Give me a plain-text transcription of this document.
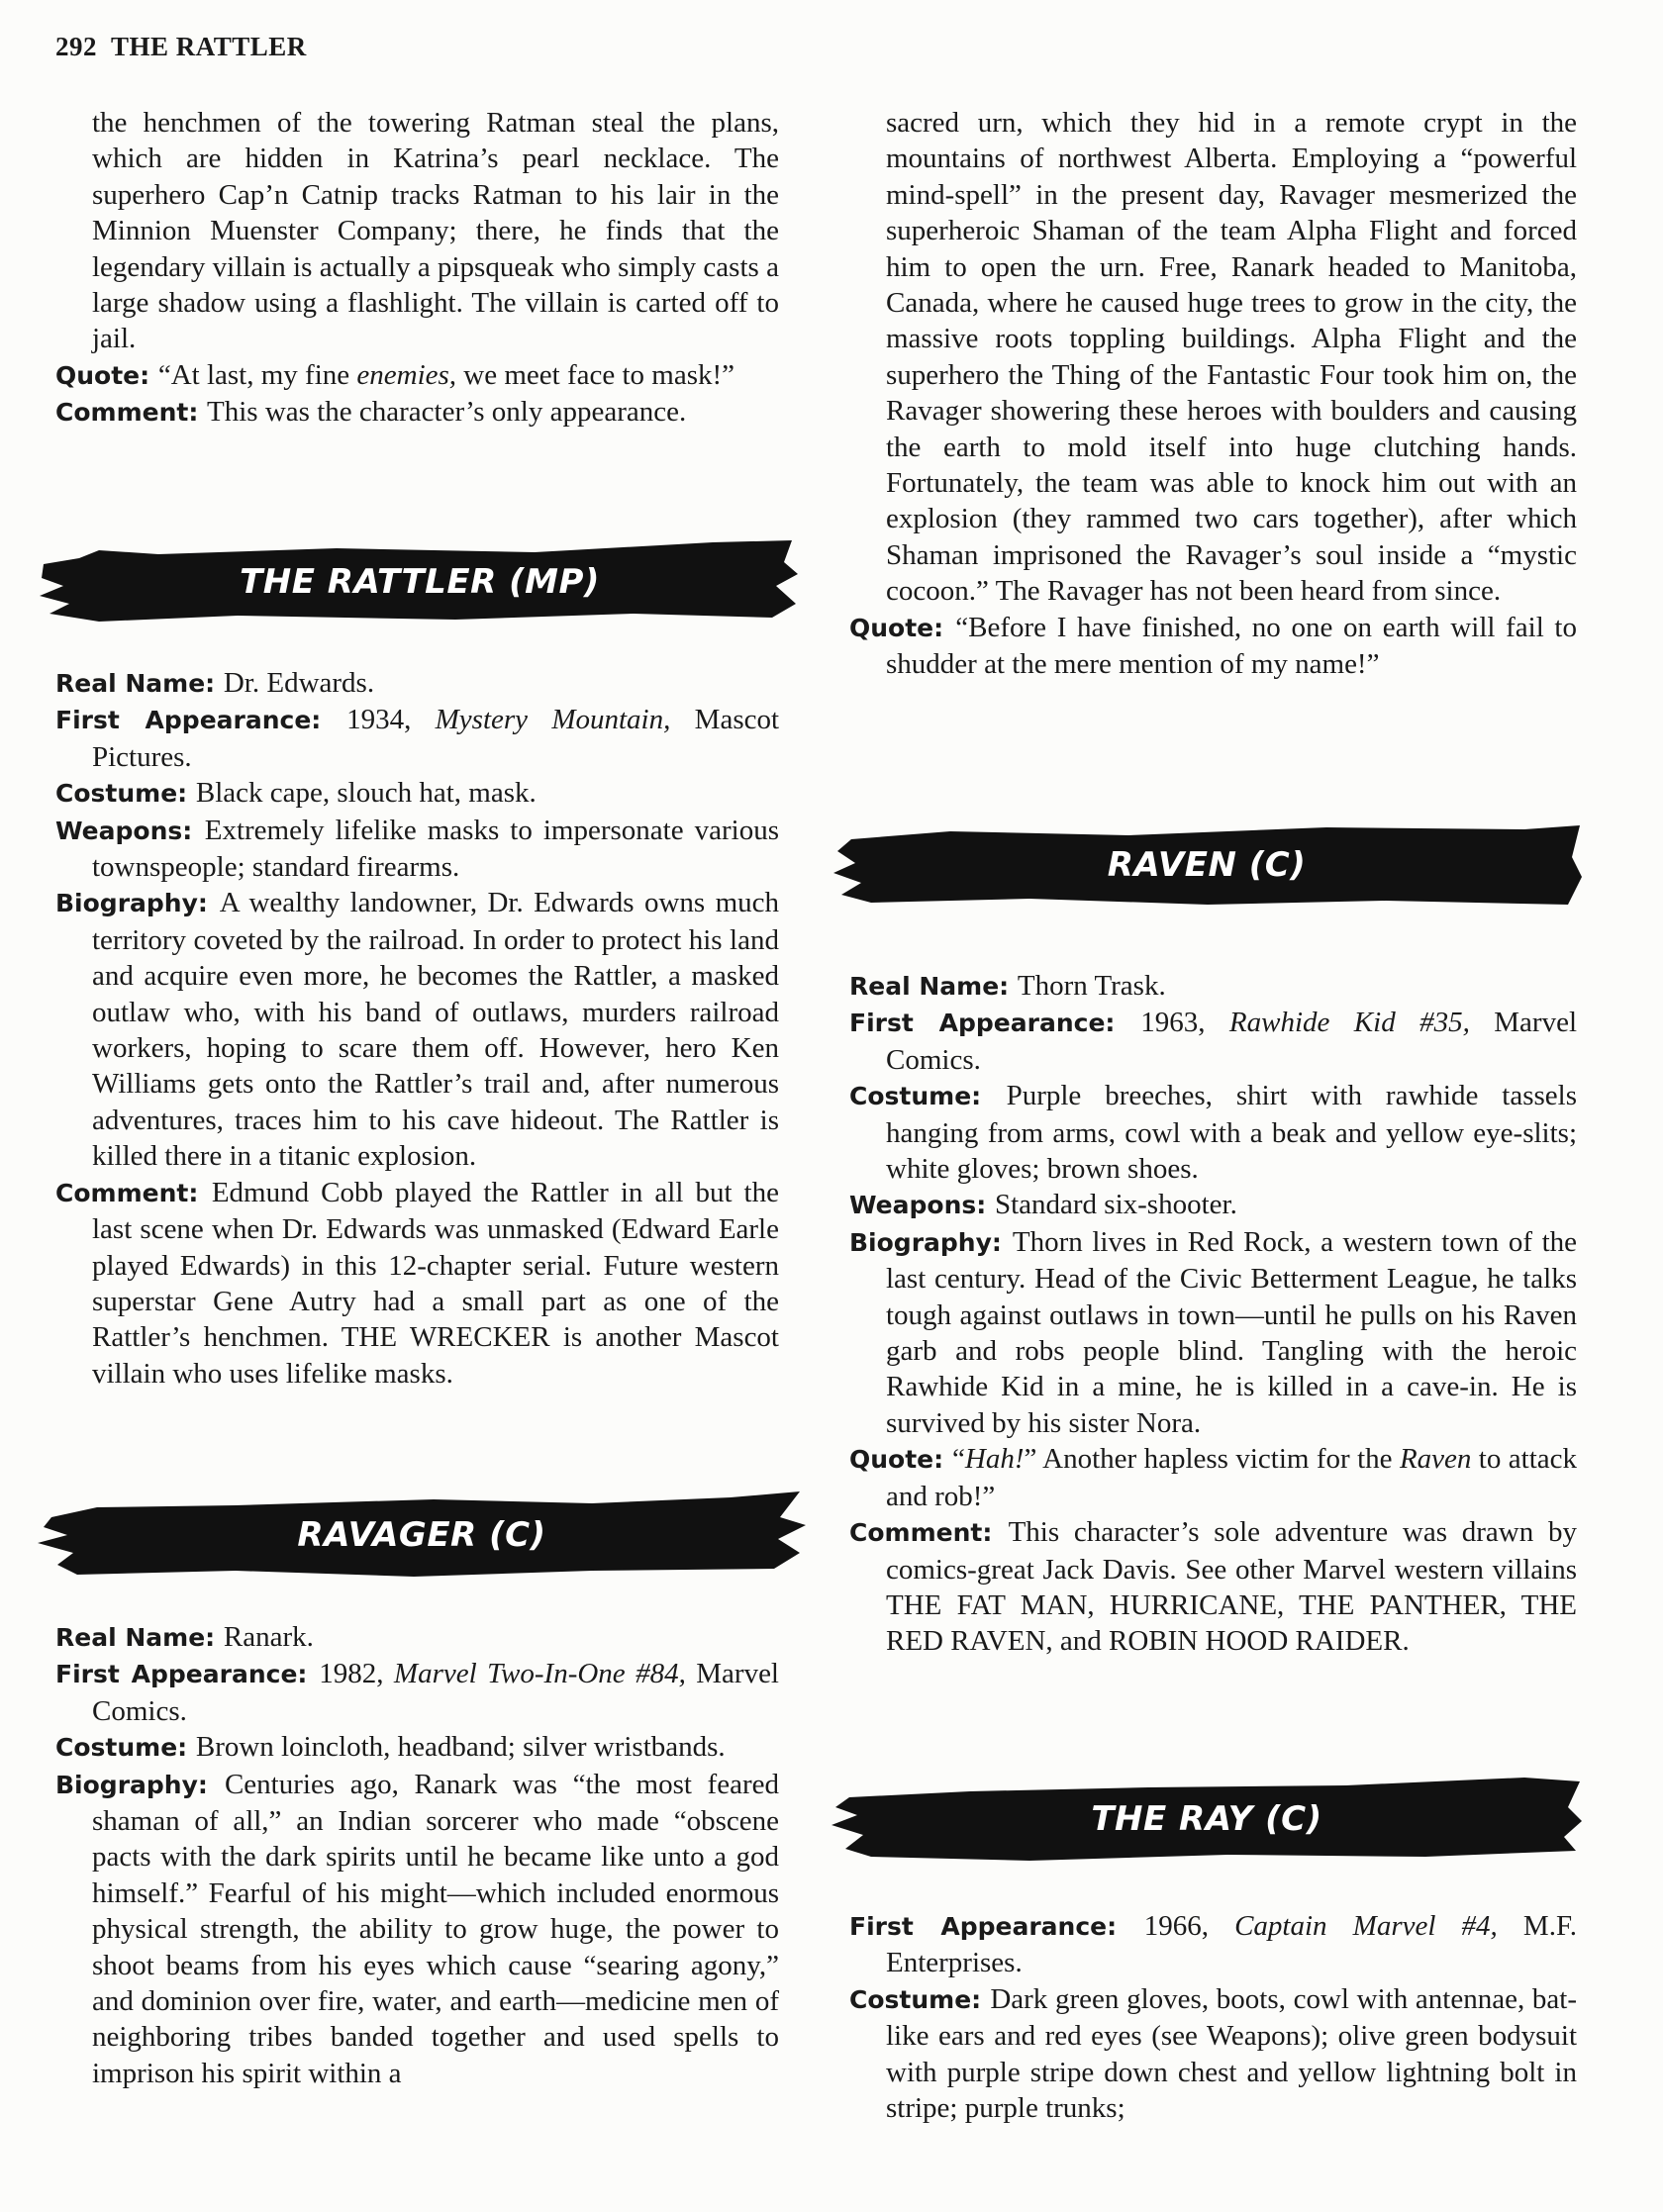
292 THE RATTLER

the henchmen of the towering Ratman steal the plans, which are hidden in Katrina’s pearl necklace. The superhero Cap’n Catnip tracks Ratman to his lair in the Minnion Muenster Company; there, he finds that the legendary villain is actually a pipsqueak who simply casts a large shadow using a flashlight. The villain is carted off to jail.

Quote: “At last, my fine enemies, we meet face to mask!”

Comment: This was the character’s only appearance.

THE RATTLER (MP)

Real Name: Dr. Edwards.

First Appearance: 1934, Mystery Mountain, Mascot Pictures.

Costume: Black cape, slouch hat, mask.

Weapons: Extremely lifelike masks to impersonate various townspeople; standard firearms.

Biography: A wealthy landowner, Dr. Edwards owns much territory coveted by the railroad. In order to protect his land and acquire even more, he becomes the Rattler, a masked outlaw who, with his band of outlaws, murders railroad workers, hoping to scare them off. However, hero Ken Williams gets onto the Rattler’s trail and, after numerous adventures, traces him to his cave hideout. The Rattler is killed there in a titanic explosion.

Comment: Edmund Cobb played the Rattler in all but the last scene when Dr. Edwards was unmasked (Edward Earle played Edwards) in this 12-chapter serial. Future western superstar Gene Autry had a small part as one of the Rattler’s henchmen. THE WRECKER is another Mascot villain who uses lifelike masks.

RAVAGER (C)

Real Name: Ranark.

First Appearance: 1982, Marvel Two-In-One #84, Marvel Comics.

Costume: Brown loincloth, headband; silver wristbands.

Biography: Centuries ago, Ranark was “the most feared shaman of all,” an Indian sorcerer who made “obscene pacts with the dark spirits until he became like unto a god himself.” Fearful of his might—which included enormous physical strength, the ability to grow huge, the power to shoot beams from his eyes which cause “searing agony,” and dominion over fire, water, and earth—medicine men of neighboring tribes banded together and used spells to imprison his spirit within a

sacred urn, which they hid in a remote crypt in the mountains of northwest Alberta. Employing a “powerful mind-spell” in the present day, Ravager mesmerized the superheroic Shaman of the team Alpha Flight and forced him to open the urn. Free, Ranark headed to Manitoba, Canada, where he caused huge trees to grow in the city, the massive roots toppling buildings. Alpha Flight and the superhero the Thing of the Fantastic Four took him on, the Ravager showering these heroes with boulders and causing the earth to mold itself into huge clutching hands. Fortunately, the team was able to knock him out with an explosion (they rammed two cars together), after which Shaman imprisoned the Ravager’s soul inside a “mystic cocoon.” The Ravager has not been heard from since.

Quote: “Before I have finished, no one on earth will fail to shudder at the mere mention of my name!”

RAVEN (C)

Real Name: Thorn Trask.

First Appearance: 1963, Rawhide Kid #35, Marvel Comics.

Costume: Purple breeches, shirt with rawhide tassels hanging from arms, cowl with a beak and yellow eye-slits; white gloves; brown shoes.

Weapons: Standard six-shooter.

Biography: Thorn lives in Red Rock, a western town of the last century. Head of the Civic Betterment League, he talks tough against outlaws in town—until he pulls on his Raven garb and robs people blind. Tangling with the heroic Rawhide Kid in a mine, he is killed in a cave-in. He is survived by his sister Nora.

Quote: “Hah!” Another hapless victim for the Raven to attack and rob!”

Comment: This character’s sole adventure was drawn by comics-great Jack Davis. See other Marvel western villains THE FAT MAN, HURRICANE, THE PANTHER, THE RED RAVEN, and ROBIN HOOD RAIDER.

THE RAY (C)

First Appearance: 1966, Captain Marvel #4, M.F. Enterprises.

Costume: Dark green gloves, boots, cowl with antennae, bat-like ears and red eyes (see Weapons); olive green bodysuit with purple stripe down chest and yellow lightning bolt in stripe; purple trunks;
